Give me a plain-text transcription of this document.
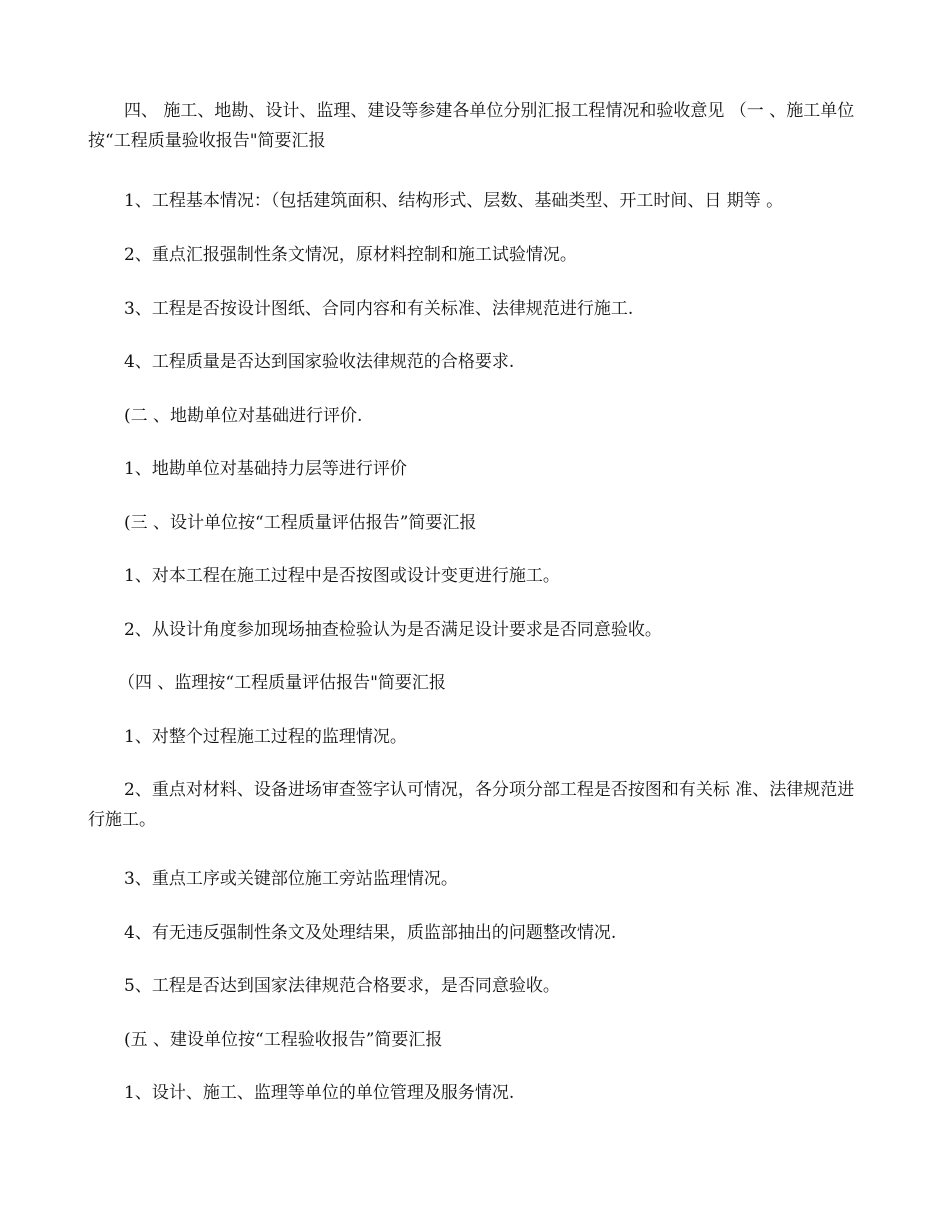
四、 施工、地勘、设计、监理、建设等参建各单位分别汇报工程情况和验收意见 （一 、施工单位按“工程质量验收报告"简要汇报

1、工程基本情况：（包括建筑面积、结构形式、层数、基础类型、开工时间、日 期等 。

2、重点汇报强制性条文情况，原材料控制和施工试验情况。

3、工程是否按设计图纸、合同内容和有关标准、法律规范进行施工.

4、工程质量是否达到国家验收法律规范的合格要求.

(二 、地勘单位对基础进行评价.

1、地勘单位对基础持力层等进行评价

(三 、设计单位按“工程质量评估报告”简要汇报

1、对本工程在施工过程中是否按图或设计变更进行施工。

2、从设计角度参加现场抽查检验认为是否满足设计要求是否同意验收。

（四 、监理按“工程质量评估报告"简要汇报

1、对整个过程施工过程的监理情况。

2、重点对材料、设备进场审查签字认可情况，各分项分部工程是否按图和有关标 准、法律规范进行施工。

3、重点工序或关键部位施工旁站监理情况。

4、有无违反强制性条文及处理结果，质监部抽出的问题整改情况.

5、工程是否达到国家法律规范合格要求，是否同意验收。

(五 、建设单位按“工程验收报告”简要汇报

1、设计、施工、监理等单位的单位管理及服务情况.
